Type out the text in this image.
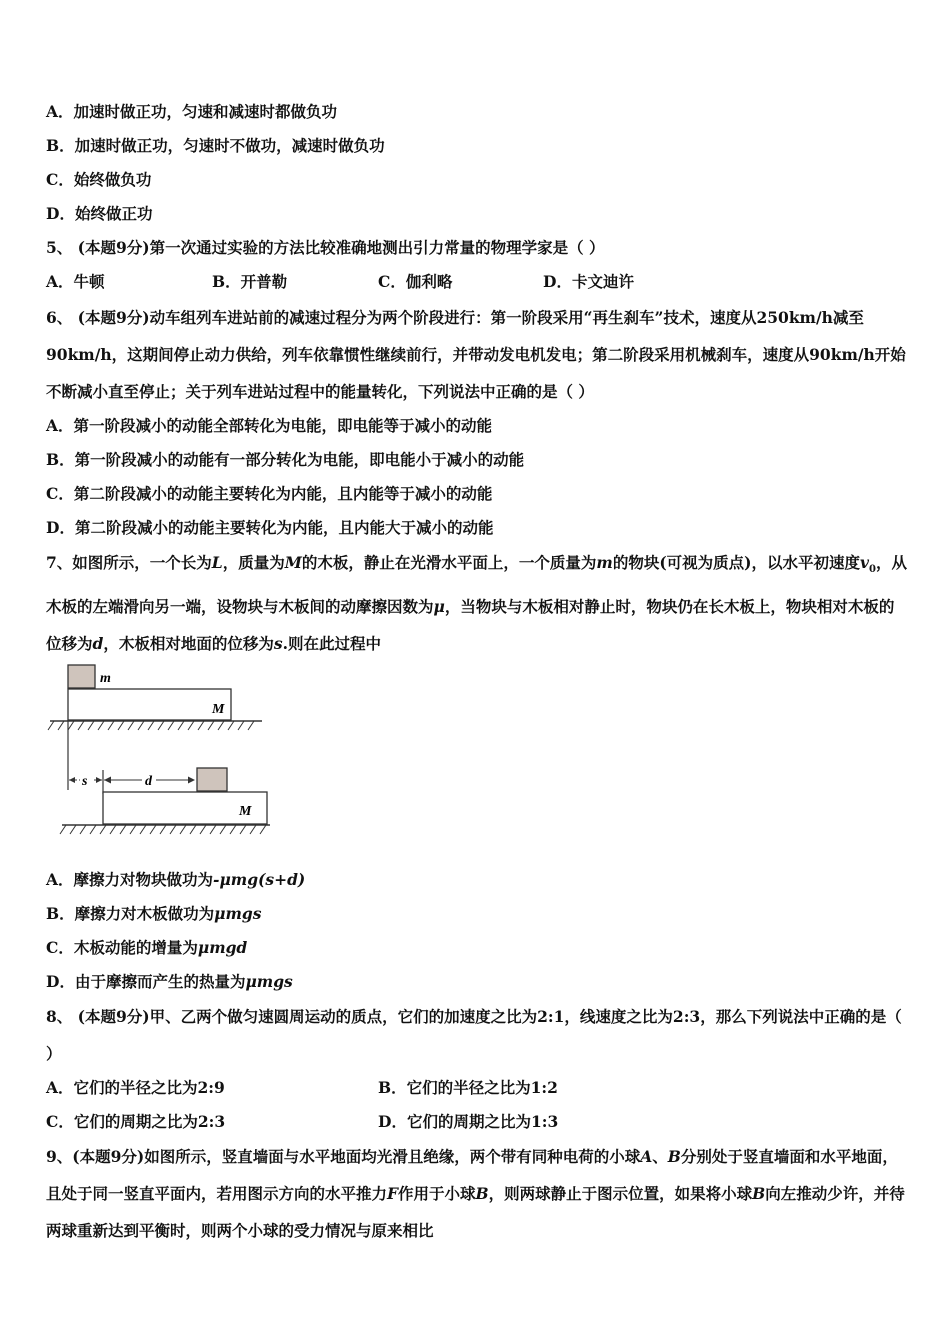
A．加速时做正功，匀速和减速时都做负功
B．加速时做正功，匀速时不做功，减速时做负功
C．始终做负功
D．始终做正功
5、 (本题9分)第一次通过实验的方法比较准确地测出引力常量的物理学家是（ ）
A．牛顿	B．开普勒	C．伽利略	D．卡文迪许
6、 (本题9分)动车组列车进站前的减速过程分为两个阶段进行：第一阶段采用“再生刹车”技术，速度从250km/h减至90km/h，这期间停止动力供给，列车依靠惯性继续前行，并带动发电机发电；第二阶段采用机械刹车，速度从90km/h开始不断减小直至停止；关于列车进站过程中的能量转化，下列说法中正确的是（ ）
A．第一阶段减小的动能全部转化为电能，即电能等于减小的动能
B．第一阶段减小的动能有一部分转化为电能，即电能小于减小的动能
C．第二阶段减小的动能主要转化为内能，且内能等于减小的动能
D．第二阶段减小的动能主要转化为内能，且内能大于减小的动能
7、如图所示，一个长为L，质量为M的木板，静止在光滑水平面上，一个质量为m的物块(可视为质点)，以水平初速度$v_0$，从木板的左端滑向另一端，设物块与木板间的动摩擦因数为μ，当物块与木板相对静止时，物块仍在长木板上，物块相对木板的位移为d，木板相对地面的位移为s.则在此过程中
m
M
s	d
M
A．摩擦力对物块做功为-μmg(s+d)
B．摩擦力对木板做功为μmgs
C．木板动能的增量为μmgd
D．由于摩擦而产生的热量为μmgs
8、 (本题9分)甲、乙两个做匀速圆周运动的质点，它们的加速度之比为2:1，线速度之比为2:3，那么下列说法中正确的是（ ）
A．它们的半径之比为2:9	B．它们的半径之比为1:2
C．它们的周期之比为2:3	D．它们的周期之比为1:3
9、(本题9分)如图所示，竖直墙面与水平地面均光滑且绝缘，两个带有同种电荷的小球A、B分别处于竖直墙面和水平地面，且处于同一竖直平面内，若用图示方向的水平推力F作用于小球B，则两球静止于图示位置，如果将小球B向左推动少许，并待两球重新达到平衡时，则两个小球的受力情况与原来相比
